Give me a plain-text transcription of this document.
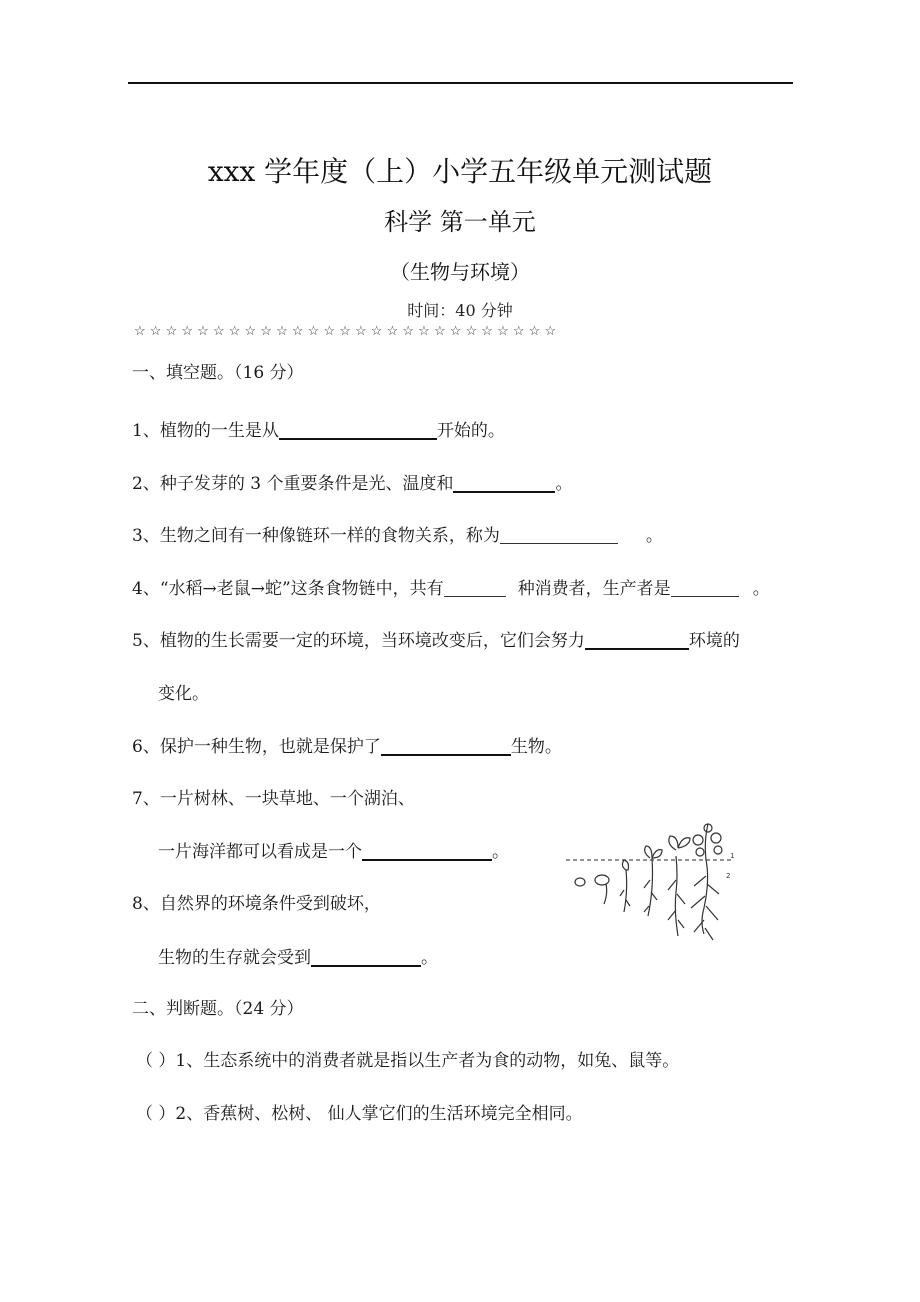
xxx 学年度（上）小学五年级单元测试题
科学 第一单元
（生物与环境）
时间：40 分钟
☆ ☆ ☆ ☆ ☆ ☆ ☆ ☆ ☆ ☆ ☆ ☆ ☆ ☆ ☆ ☆ ☆ ☆ ☆ ☆ ☆ ☆ ☆ ☆ ☆ ☆ ☆
一、填空题。（16 分）
1、植物的一生是从	开始的。
2、种子发芽的 3 个重要条件是光、温度和	。
3、生物之间有一种像链环一样的食物关系，称为	。
4、“水稻→老鼠→蛇”这条食物链中，共有	种消费者，生产者是	。
5、植物的生长需要一定的环境，当环境改变后，它们会努力	环境的
变化。
6、保护一种生物，也就是保护了	生物。
7、一片树林、一块草地、一个湖泊、
一片海洋都可以看成是一个	。
8、自然界的环境条件受到破坏，
生物的生存就会受到	。
1
2
二、判断题。（24 分）
（ ）1、生态系统中的消费者就是指以生产者为食的动物，如兔、鼠等。
（ ）2、香蕉树、松树、 仙人掌它们的生活环境完全相同。
